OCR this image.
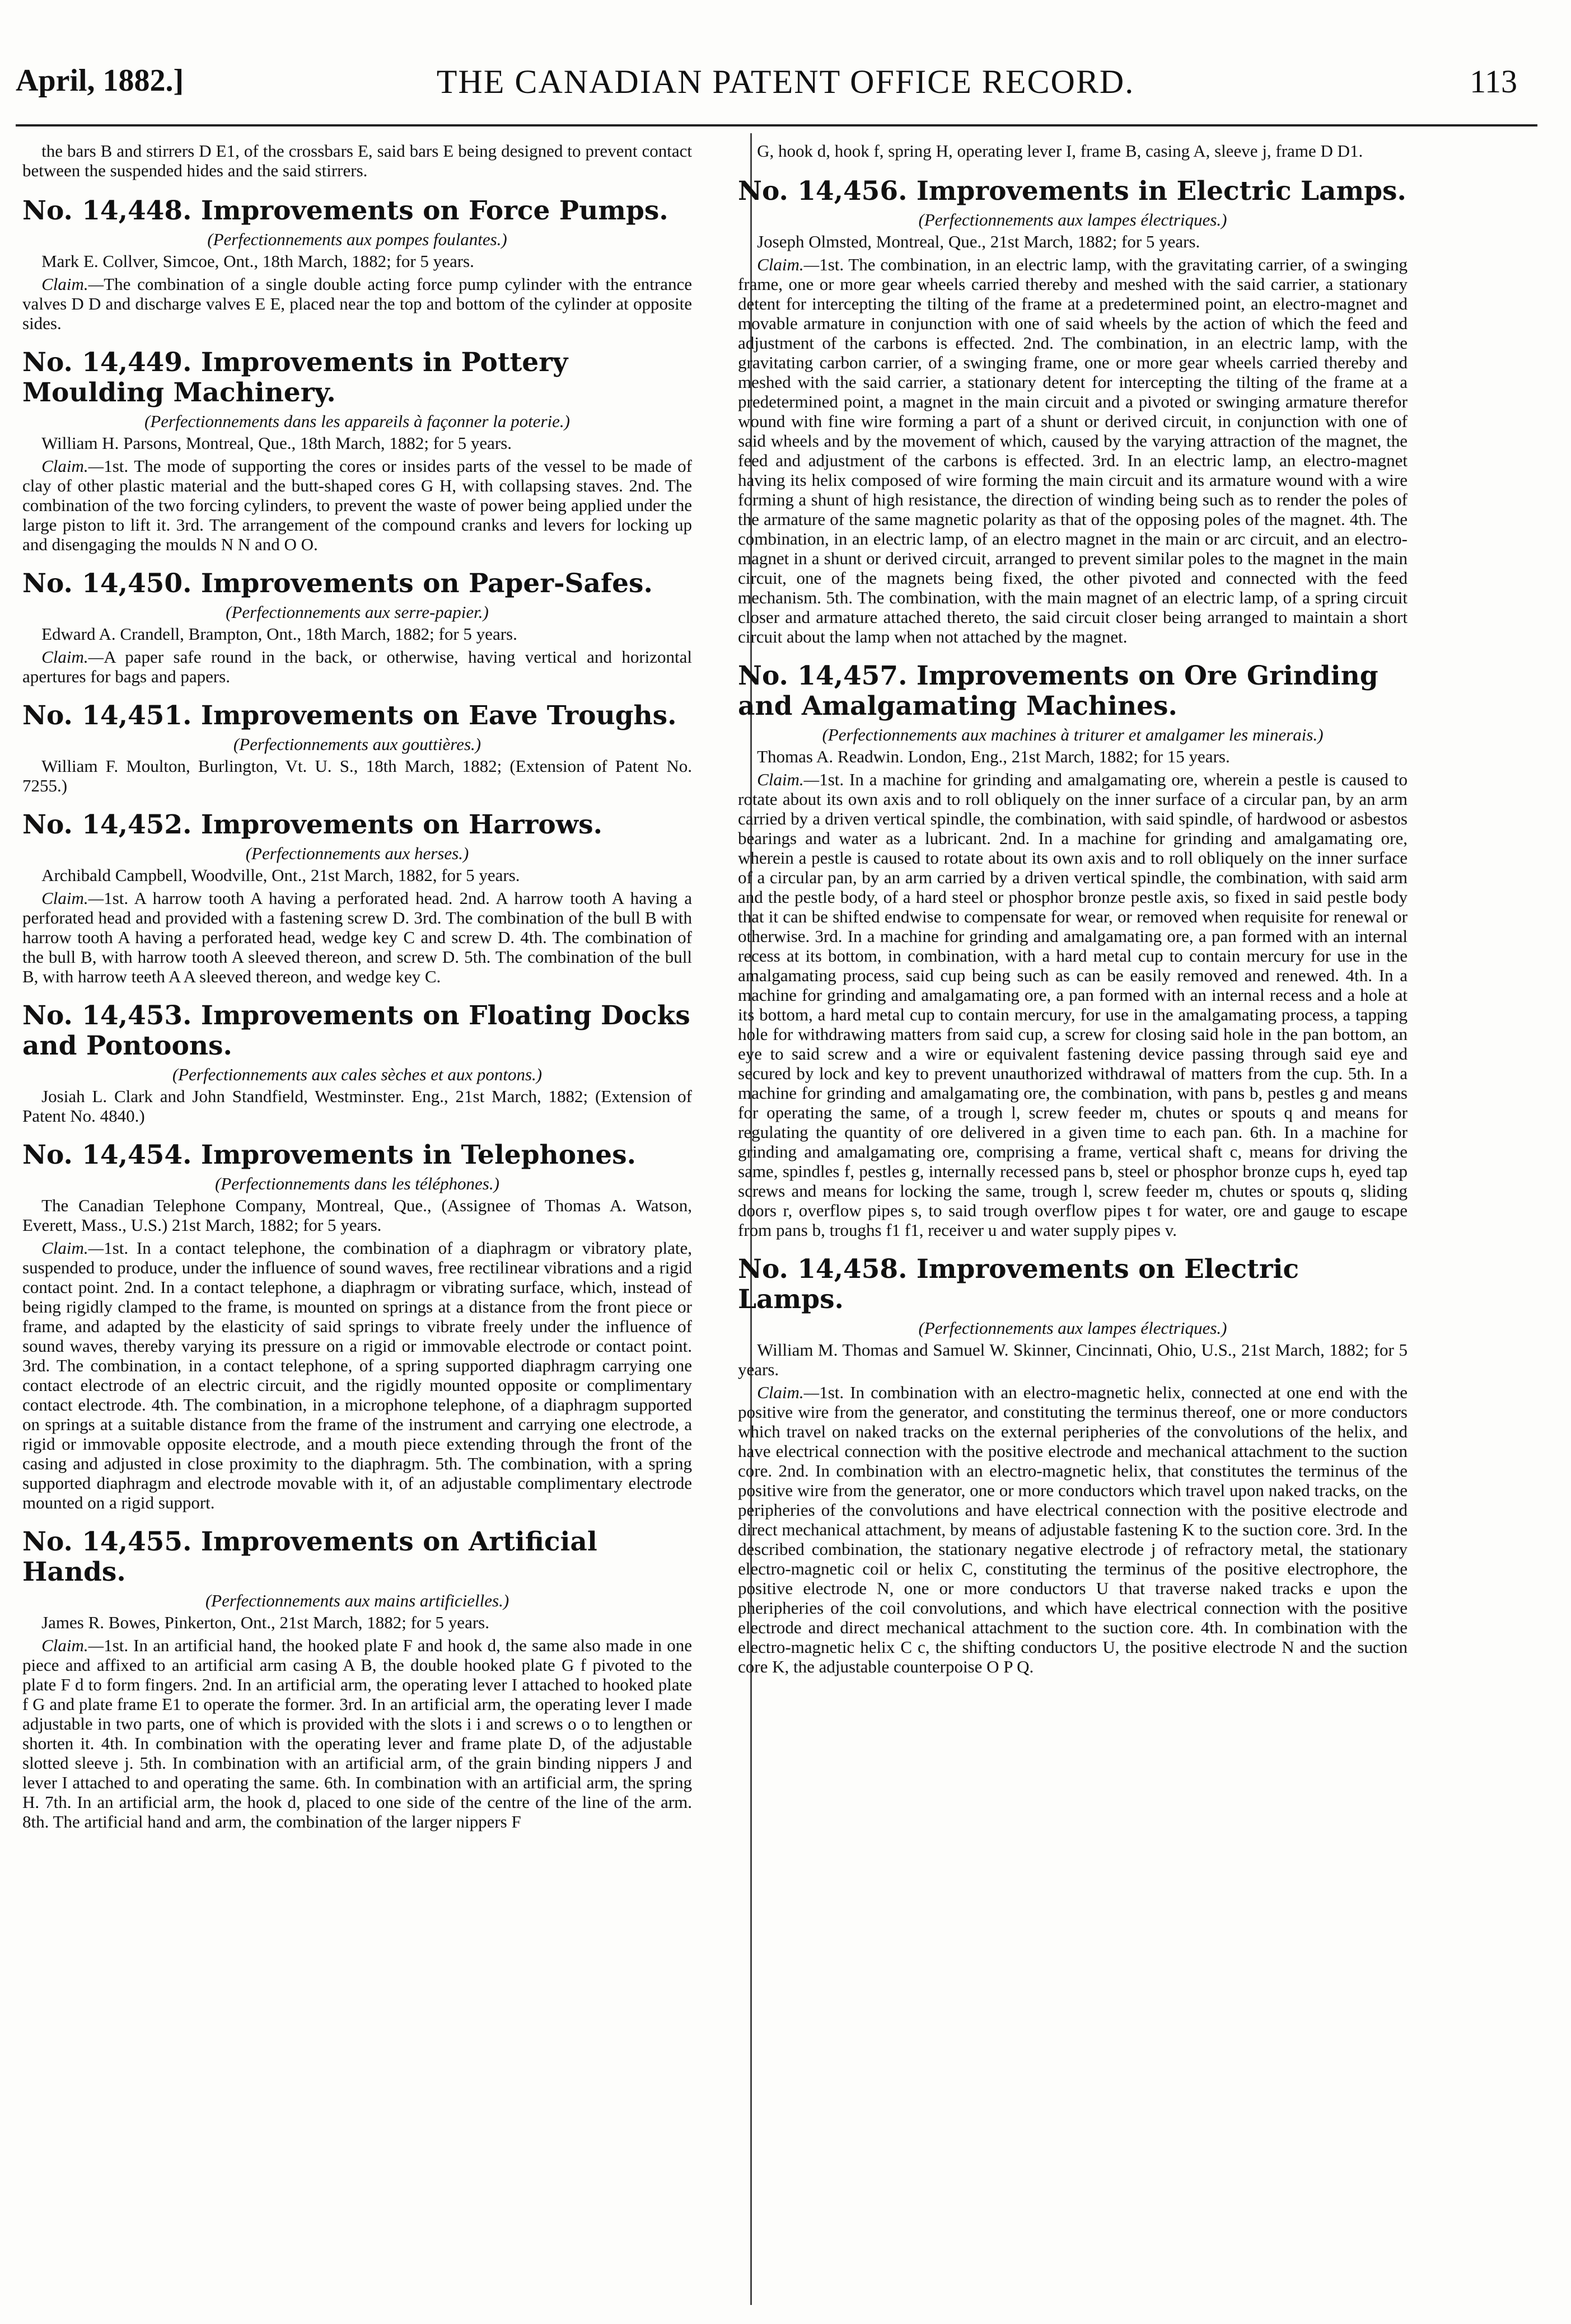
April, 1882.]	THE CANADIAN PATENT OFFICE RECORD.	113

the bars B and stirrers D E1, of the crossbars E, said bars E being designed to prevent contact between the suspended hides and the said stirrers.

No. 14,448. Improvements on Force Pumps.
(Perfectionnements aux pompes foulantes.)

Mark E. Collver, Simcoe, Ont., 18th March, 1882; for 5 years.

Claim.—The combination of a single double acting force pump cylinder with the entrance valves D D and discharge valves E E, placed near the top and bottom of the cylinder at opposite sides.

No. 14,449. Improvements in Pottery Moulding Machinery.
(Perfectionnements dans les appareils à façonner la poterie.)

William H. Parsons, Montreal, Que., 18th March, 1882; for 5 years.

Claim.—1st. The mode of supporting the cores or insides parts of the vessel to be made of clay of other plastic material and the butt-shaped cores G H, with collapsing staves. 2nd. The combination of the two forcing cylinders, to prevent the waste of power being applied under the large piston to lift it. 3rd. The arrangement of the compound cranks and levers for locking up and disengaging the moulds N N and O O.

No. 14,450. Improvements on Paper-Safes.
(Perfectionnements aux serre-papier.)

Edward A. Crandell, Brampton, Ont., 18th March, 1882; for 5 years.

Claim.—A paper safe round in the back, or otherwise, having vertical and horizontal apertures for bags and papers.

No. 14,451. Improvements on Eave Troughs.
(Perfectionnements aux gouttières.)

William F. Moulton, Burlington, Vt. U. S., 18th March, 1882; (Extension of Patent No. 7255.)

No. 14,452. Improvements on Harrows.
(Perfectionnements aux herses.)

Archibald Campbell, Woodville, Ont., 21st March, 1882, for 5 years.

Claim.—1st. A harrow tooth A having a perforated head. 2nd. A harrow tooth A having a perforated head and provided with a fastening screw D. 3rd. The combination of the bull B with harrow tooth A having a perforated head, wedge key C and screw D. 4th. The combination of the bull B, with harrow tooth A sleeved thereon, and screw D. 5th. The combination of the bull B, with harrow teeth A A sleeved thereon, and wedge key C.

No. 14,453. Improvements on Floating Docks and Pontoons.
(Perfectionnements aux cales sèches et aux pontons.)

Josiah L. Clark and John Standfield, Westminster. Eng., 21st March, 1882; (Extension of Patent No. 4840.)

No. 14,454. Improvements in Telephones.
(Perfectionnements dans les téléphones.)

The Canadian Telephone Company, Montreal, Que., (Assignee of Thomas A. Watson, Everett, Mass., U.S.) 21st March, 1882; for 5 years.

Claim.—1st. In a contact telephone, the combination of a diaphragm or vibratory plate, suspended to produce, under the influence of sound waves, free rectilinear vibrations and a rigid contact point. 2nd. In a contact telephone, a diaphragm or vibrating surface, which, instead of being rigidly clamped to the frame, is mounted on springs at a distance from the front piece or frame, and adapted by the elasticity of said springs to vibrate freely under the influence of sound waves, thereby varying its pressure on a rigid or immovable electrode or contact point. 3rd. The combination, in a contact telephone, of a spring supported diaphragm carrying one contact electrode of an electric circuit, and the rigidly mounted opposite or complimentary contact electrode. 4th. The combination, in a microphone telephone, of a diaphragm supported on springs at a suitable distance from the frame of the instrument and carrying one electrode, a rigid or immovable opposite electrode, and a mouth piece extending through the front of the casing and adjusted in close proximity to the diaphragm. 5th. The combination, with a spring supported diaphragm and electrode movable with it, of an adjustable complimentary electrode mounted on a rigid support.

No. 14,455. Improvements on Artificial Hands.
(Perfectionnements aux mains artificielles.)

James R. Bowes, Pinkerton, Ont., 21st March, 1882; for 5 years.

Claim.—1st. In an artificial hand, the hooked plate F and hook d, the same also made in one piece and affixed to an artificial arm casing A B, the double hooked plate G f pivoted to the plate F d to form fingers. 2nd. In an artificial arm, the operating lever I attached to hooked plate f G and plate frame E1 to operate the former. 3rd. In an artificial arm, the operating lever I made adjustable in two parts, one of which is provided with the slots i i and screws o o to lengthen or shorten it. 4th. In combination with the operating lever and frame plate D, of the adjustable slotted sleeve j. 5th. In combination with an artificial arm, of the grain binding nippers J and lever I attached to and operating the same. 6th. In combination with an artificial arm, the spring H. 7th. In an artificial arm, the hook d, placed to one side of the centre of the line of the arm. 8th. The artificial hand and arm, the combination of the larger nippers F

G, hook d, hook f, spring H, operating lever I, frame B, casing A, sleeve j, frame D D1.

No. 14,456. Improvements in Electric Lamps.
(Perfectionnements aux lampes électriques.)

Joseph Olmsted, Montreal, Que., 21st March, 1882; for 5 years.

Claim.—1st. The combination, in an electric lamp, with the gravitating carrier, of a swinging frame, one or more gear wheels carried thereby and meshed with the said carrier, a stationary detent for intercepting the tilting of the frame at a predetermined point, an electro-magnet and movable armature in conjunction with one of said wheels by the action of which the feed and adjustment of the carbons is effected. 2nd. The combination, in an electric lamp, with the gravitating carbon carrier, of a swinging frame, one or more gear wheels carried thereby and meshed with the said carrier, a stationary detent for intercepting the tilting of the frame at a predetermined point, a magnet in the main circuit and a pivoted or swinging armature therefor wound with fine wire forming a part of a shunt or derived circuit, in conjunction with one of said wheels and by the movement of which, caused by the varying attraction of the magnet, the feed and adjustment of the carbons is effected. 3rd. In an electric lamp, an electro-magnet having its helix composed of wire forming the main circuit and its armature wound with a wire forming a shunt of high resistance, the direction of winding being such as to render the poles of the armature of the same magnetic polarity as that of the opposing poles of the magnet. 4th. The combination, in an electric lamp, of an electro magnet in the main or arc circuit, and an electro-magnet in a shunt or derived circuit, arranged to prevent similar poles to the magnet in the main circuit, one of the magnets being fixed, the other pivoted and connected with the feed mechanism. 5th. The combination, with the main magnet of an electric lamp, of a spring circuit closer and armature attached thereto, the said circuit closer being arranged to maintain a short circuit about the lamp when not attached by the magnet.

No. 14,457. Improvements on Ore Grinding and Amalgamating Machines.
(Perfectionnements aux machines à triturer et amalgamer les minerais.)

Thomas A. Readwin. London, Eng., 21st March, 1882; for 15 years.

Claim.—1st. In a machine for grinding and amalgamating ore, wherein a pestle is caused to rotate about its own axis and to roll obliquely on the inner surface of a circular pan, by an arm carried by a driven vertical spindle, the combination, with said spindle, of hardwood or asbestos bearings and water as a lubricant. 2nd. In a machine for grinding and amalgamating ore, wherein a pestle is caused to rotate about its own axis and to roll obliquely on the inner surface of a circular pan, by an arm carried by a driven vertical spindle, the combination, with said arm and the pestle body, of a hard steel or phosphor bronze pestle axis, so fixed in said pestle body that it can be shifted endwise to compensate for wear, or removed when requisite for renewal or otherwise. 3rd. In a machine for grinding and amalgamating ore, a pan formed with an internal recess at its bottom, in combination, with a hard metal cup to contain mercury for use in the amalgamating process, said cup being such as can be easily removed and renewed. 4th. In a machine for grinding and amalgamating ore, a pan formed with an internal recess and a hole at its bottom, a hard metal cup to contain mercury, for use in the amalgamating process, a tapping hole for withdrawing matters from said cup, a screw for closing said hole in the pan bottom, an eye to said screw and a wire or equivalent fastening device passing through said eye and secured by lock and key to prevent unauthorized withdrawal of matters from the cup. 5th. In a machine for grinding and amalgamating ore, the combination, with pans b, pestles g and means for operating the same, of a trough l, screw feeder m, chutes or spouts q and means for regulating the quantity of ore delivered in a given time to each pan. 6th. In a machine for grinding and amalgamating ore, comprising a frame, vertical shaft c, means for driving the same, spindles f, pestles g, internally recessed pans b, steel or phosphor bronze cups h, eyed tap screws and means for locking the same, trough l, screw feeder m, chutes or spouts q, sliding doors r, overflow pipes s, to said trough overflow pipes t for water, ore and gauge to escape from pans b, troughs f1 f1, receiver u and water supply pipes v.

No. 14,458. Improvements on Electric Lamps.
(Perfectionnements aux lampes électriques.)

William M. Thomas and Samuel W. Skinner, Cincinnati, Ohio, U.S., 21st March, 1882; for 5 years.

Claim.—1st. In combination with an electro-magnetic helix, connected at one end with the positive wire from the generator, and constituting the terminus thereof, one or more conductors which travel on naked tracks on the external peripheries of the convolutions of the helix, and have electrical connection with the positive electrode and mechanical attachment to the suction core. 2nd. In combination with an electro-magnetic helix, that constitutes the terminus of the positive wire from the generator, one or more conductors which travel upon naked tracks, on the peripheries of the convolutions and have electrical connection with the positive electrode and direct mechanical attachment, by means of adjustable fastening K to the suction core. 3rd. In the described combination, the stationary negative electrode j of refractory metal, the stationary electro-magnetic coil or helix C, constituting the terminus of the positive electrophore, the positive electrode N, one or more conductors U that traverse naked tracks e upon the pheripheries of the coil convolutions, and which have electrical connection with the positive electrode and direct mechanical attachment to the suction core. 4th. In combination with the electro-magnetic helix C c, the shifting conductors U, the positive electrode N and the suction core K, the adjustable counterpoise O P Q.
